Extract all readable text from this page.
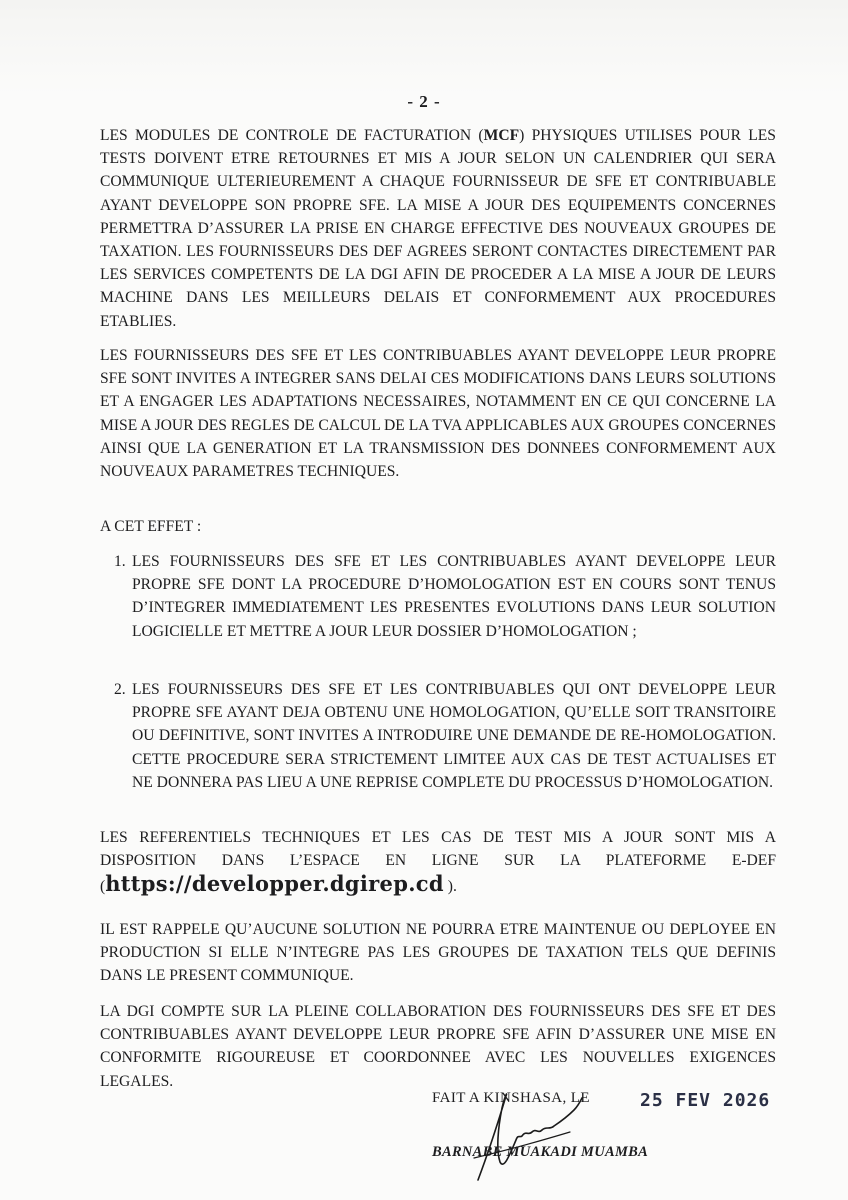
- 2 -
LES MODULES DE CONTROLE DE FACTURATION (MCF) PHYSIQUES UTILISES POUR LES TESTS DOIVENT ETRE RETOURNES ET MIS A JOUR SELON UN CALENDRIER QUI SERA COMMUNIQUE ULTERIEUREMENT A CHAQUE FOURNISSEUR DE SFE ET CONTRIBUABLE AYANT DEVELOPPE SON PROPRE SFE. LA MISE A JOUR DES EQUIPEMENTS CONCERNES PERMETTRA D’ASSURER LA PRISE EN CHARGE EFFECTIVE DES NOUVEAUX GROUPES DE TAXATION. LES FOURNISSEURS DES DEF AGREES SERONT CONTACTES DIRECTEMENT PAR LES SERVICES COMPETENTS DE LA DGI AFIN DE PROCEDER A LA MISE A JOUR DE LEURS MACHINE DANS LES MEILLEURS DELAIS ET CONFORMEMENT AUX PROCEDURES ETABLIES.
LES FOURNISSEURS DES SFE ET LES CONTRIBUABLES AYANT DEVELOPPE LEUR PROPRE SFE SONT INVITES A INTEGRER SANS DELAI CES MODIFICATIONS DANS LEURS SOLUTIONS ET A ENGAGER LES ADAPTATIONS NECESSAIRES, NOTAMMENT EN CE QUI CONCERNE LA MISE A JOUR DES REGLES DE CALCUL DE LA TVA APPLICABLES AUX GROUPES CONCERNES AINSI QUE LA GENERATION ET LA TRANSMISSION DES DONNEES CONFORMEMENT AUX NOUVEAUX PARAMETRES TECHNIQUES.
A CET EFFET :
1. LES FOURNISSEURS DES SFE ET LES CONTRIBUABLES AYANT DEVELOPPE LEUR PROPRE SFE DONT LA PROCEDURE D’HOMOLOGATION EST EN COURS SONT TENUS D’INTEGRER IMMEDIATEMENT LES PRESENTES EVOLUTIONS DANS LEUR SOLUTION LOGICIELLE ET METTRE A JOUR LEUR DOSSIER D’HOMOLOGATION ;
2. LES FOURNISSEURS DES SFE ET LES CONTRIBUABLES QUI ONT DEVELOPPE LEUR PROPRE SFE AYANT DEJA OBTENU UNE HOMOLOGATION, QU’ELLE SOIT TRANSITOIRE OU DEFINITIVE, SONT INVITES A INTRODUIRE UNE DEMANDE DE RE-HOMOLOGATION. CETTE PROCEDURE SERA STRICTEMENT LIMITEE AUX CAS DE TEST ACTUALISES ET NE DONNERA PAS LIEU A UNE REPRISE COMPLETE DU PROCESSUS D’HOMOLOGATION.
LES REFERENTIELS TECHNIQUES ET LES CAS DE TEST MIS A JOUR SONT MIS A DISPOSITION DANS L’ESPACE EN LIGNE SUR LA PLATEFORME E-DEF (https://developper.dgirep.cd ).
IL EST RAPPELE QU’AUCUNE SOLUTION NE POURRA ETRE MAINTENUE OU DEPLOYEE EN PRODUCTION SI ELLE N’INTEGRE PAS LES GROUPES DE TAXATION TELS QUE DEFINIS DANS LE PRESENT COMMUNIQUE.
LA DGI COMPTE SUR LA PLEINE COLLABORATION DES FOURNISSEURS DES SFE ET DES CONTRIBUABLES AYANT DEVELOPPE LEUR PROPRE SFE AFIN D’ASSURER UNE MISE EN CONFORMITE RIGOUREUSE ET COORDONNEE AVEC LES NOUVELLES EXIGENCES LEGALES.
FAIT A KINSHASA, LE	25 FEV 2026
BARNABE MUAKADI MUAMBA
